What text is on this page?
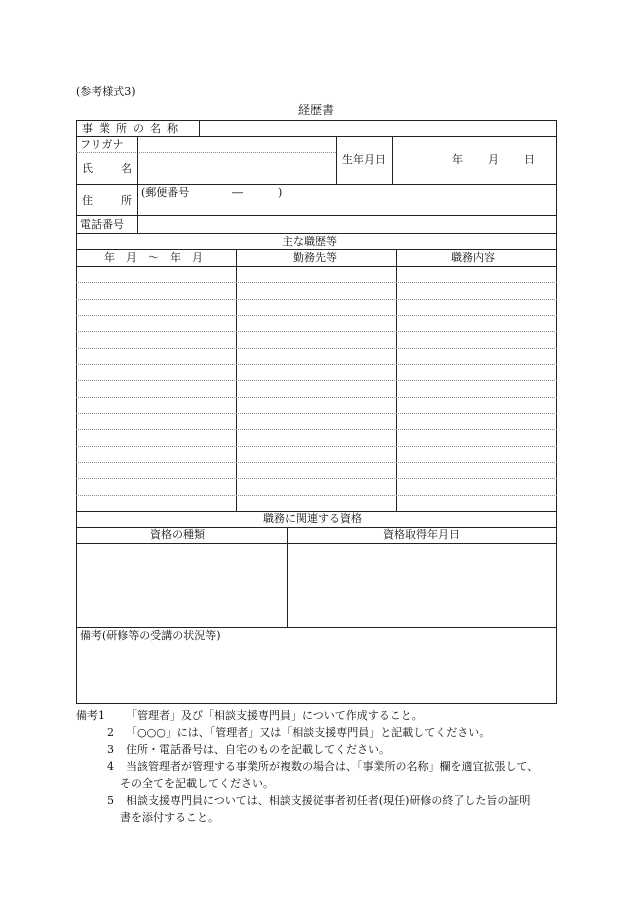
(参考様式3)
経歴書
事業所の名称
フリガナ
氏　　名
生年月日	年 月 日
住　　所
(郵便番号	―	)
電話番号
主な職歴等
年　月　～　年　月	勤務先等	職務内容
職務に関連する資格
資格の種類	資格取得年月日
備考(研修等の受講の状況等)
備考1	「管理者」及び「相談支援専門員」について作成すること。
2	「○○○」には、「管理者」又は「相談支援専門員」と記載してください。
3	住所・電話番号は、自宅のものを記載してください。
4	当該管理者が管理する事業所が複数の場合は、「事業所の名称」欄を適宜拡張して、
その全てを記載してください。
5	相談支援専門員については、相談支援従事者初任者(現任)研修の終了した旨の証明
書を添付すること。
